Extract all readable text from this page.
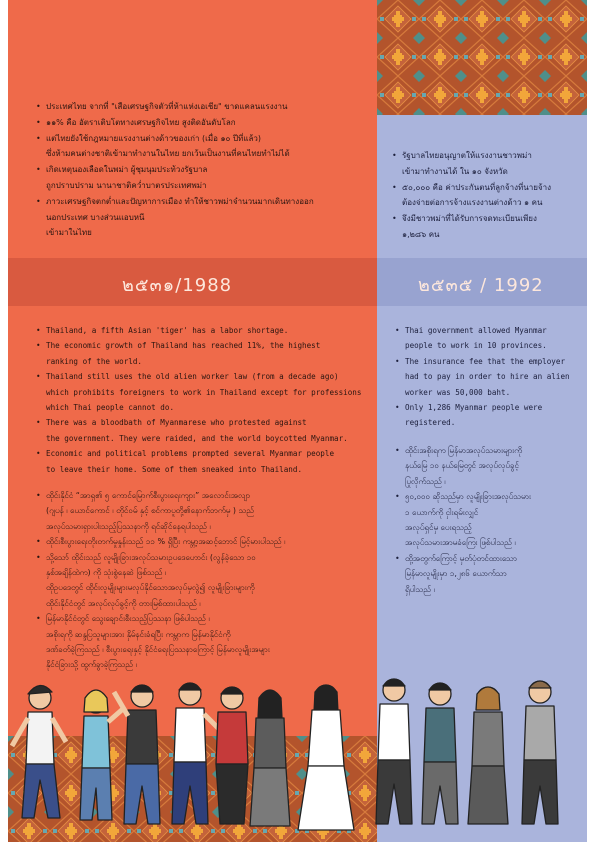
• ประเทศไทย จากที่ "เสือเศรษฐกิจตัวที่ห้าแห่งเอเชีย" ขาดแคลนแรงงาน
• ๑๑% คือ อัตราเติบโตทางเศรษฐกิจไทย สูงติดอันดับโลก
• แต่ไทยยังใช้กฎหมายแรงงานต่างด้าวของเก่า (เมื่อ ๑๐ ปีที่แล้ว)
ซึ่งห้ามคนต่างชาติเข้ามาทำงานในไทย ยกเว้นเป็นงานที่คนไทยทำไม่ได้
• เกิดเหตุนองเลือดในพม่า ผู้ชุมนุมประท้วงรัฐบาล
ถูกปราบปราม นานาชาติคว่ำบาตรประเทศพม่า
• ภาวะเศรษฐกิจตกต่ำและปัญหาการเมือง ทำให้ชาวพม่าจำนวนมากเดินทางออก
นอกประเทศ บางส่วนแอบหนี
เข้ามาในไทย
• รัฐบาลไทยอนุญาตให้แรงงานชาวพม่า
เข้ามาทำงานได้ ใน ๑๐ จังหวัด
• ๕๐,๐๐๐ คือ ค่าประกันตนที่ลูกจ้างที่นายจ้าง
ต้องจ่ายต่อการจ้างแรงงานต่างด้าว ๑ คน
• จึงมีชาวพม่าที่ได้รับการจดทะเบียนเพียง
๑,๒๘๖ คน
๒๕๓๑/1988	๒๕๓๕ / 1992
• Thailand, a fifth Asian 'tiger' has a labor shortage.
• The economic growth of Thailand has reached 11%, the highest
ranking of the world.
• Thailand still uses the old alien worker law (from a decade ago)
which prohibits foreigners to work in Thailand except for professions
which Thai people cannot do.
• There was a bloodbath of Myanmarese who protested against
the government. They were raided, and the world boycotted Myanmar.
• Economic and political problems prompted several Myanmar people
to leave their home. Some of them sneaked into Thailand.
• Thai government allowed Myanmar
people to work in 10 provinces.
• The insurance fee that the employer
had to pay in order to hire an alien
worker was 50,000 baht.
• Only 1,286 Myanmar people were
registered.
• ထိုင်းနိုင်ငံ “အာရှ၏ ၅ ကောင်မြောက်စီးပွားရေးကျား” အလောင်းအလျာ
(ဂျပန် ၊ ယောင်ကောင် ၊ တိုင်ဝမ် နှင့် စင်ကာပူတို့၏နောက်ဘက်မှ ) သည်
အလုပ်သမားရှားပါးသည့်ပြဿနာကို ရင်ဆိုင်နေရပါသည် ၊
• ထိုင်းစီးပွားရေးတိုးတက်မှုနှုန်းသည် ၁၁ % ရှိပြီး ကမ္ဘာ့အဆင့်ဘောင် မြင့်မားပါသည် ၊
• သို့သော် ထိုင်းသည် လူမျိုးခြားအလုပ်သမားဥပဒေဟောင်း (လွန်ခဲ့သော ၁၀
နှစ်အချိန်ထဲက) ကို သုံးစွဲနေဆဲ ဖြစ်သည် ၊
ထိုဥပဒေတွင် ထိုင်းလူမျိုးများမလုပ်နိုင်သောအလုပ်မှလွဲ၍ လူမျိုးခြားများကို
ထိုင်းနိုင်ငံတွင် အလုပ်လုပ်ခွင့်ကို တားမြစ်ထားပါသည် ၊
• မြန်မာနိုင်ငံတွင် သွေးချောင်းစီးသည့်ပြဿနာ ဖြစ်ပါသည် ၊
အစိုးရကို ဆန္ဒပြသူများအား နှိမ်နင်းခံရပြီး ကမ္ဘာက မြန်မာနိုင်ငံကို
ဒဏ်ခတ်ခဲ့ကြသည် ၊ စီးပွားရေးနှင့် နိုင်ငံရေးပြဿနာကြောင့် မြန်မာလူမျိုးအများ
နိုင်ငံခြားသို့ ထွက်ခွာခဲ့ကြသည် ၊
• ထိုင်းအစိုးရက မြန်မာအလုပ်သမားများကို
နယ်မြေ ၁၀ နယ်မြေတွင် အလုပ်လုပ်ခွင့်
ပြုလိုက်သည် ၊
• ၅၀,၀၀၀ ဆိုသည်မှာ လူမျိုးခြားအလုပ်သမား
၁ ယောက်ကို ငှါးရမ်းလျှင်
အလုပ်ရှင်မှ ပေးရသည့်
အလုပ်သမားအာမခံကြေး ဖြစ်ပါသည် ၊
• ထို့အတွက်ကြောင့် မှတ်ပုံတင်ထားသော
မြန်မာလူမျိုးမှာ ၁,၂၈၆ ယောက်သာ
ရှိပါသည် ၊
